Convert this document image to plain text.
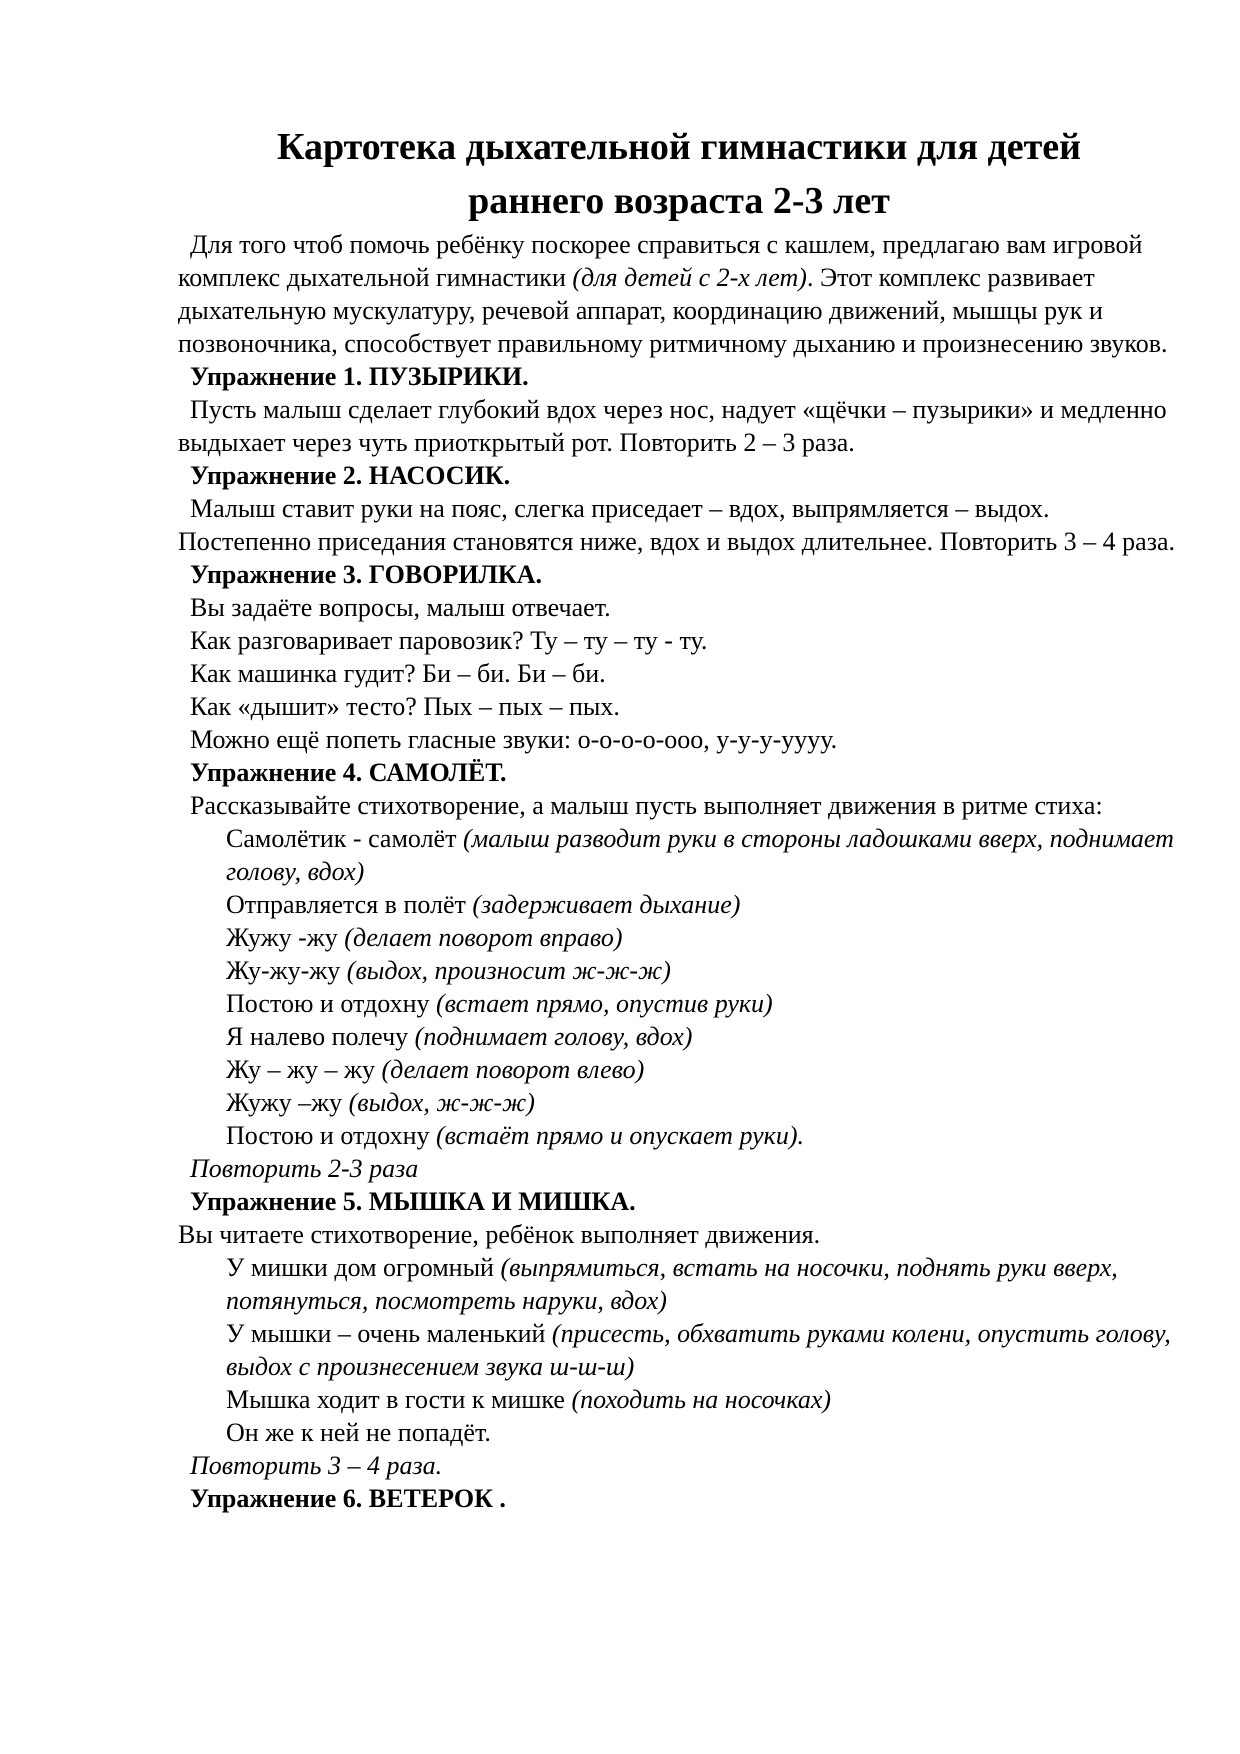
Картотека дыхательной гимнастики для детей
раннего возраста 2-3 лет

Для того чтоб помочь ребёнку поскорее справиться с кашлем, предлагаю вам игровой комплекс дыхательной гимнастики (для детей с 2-х лет). Этот комплекс развивает дыхательную мускулатуру, речевой аппарат, координацию движений, мышцы рук и позвоночника, способствует правильному ритмичному дыханию и произнесению звуков.

Упражнение 1. ПУЗЫРИКИ.

Пусть малыш сделает глубокий вдох через нос, надует «щёчки – пузырики» и медленно выдыхает через чуть приоткрытый рот. Повторить 2 – 3 раза.

Упражнение 2. НАСОСИК.

Малыш ставит руки на пояс, слегка приседает – вдох, выпрямляется – выдох. Постепенно приседания становятся ниже, вдох и выдох длительнее. Повторить 3 – 4 раза.

Упражнение 3. ГОВОРИЛКА.

Вы задаёте вопросы, малыш отвечает.

Как разговаривает паровозик? Ту – ту – ту - ту.

Как машинка гудит? Би – би. Би – би.

Как «дышит» тесто? Пых – пых – пых.

Можно ещё попеть гласные звуки: о-о-о-о-ооо, у-у-у-уууу.

Упражнение 4. САМОЛЁТ.

Рассказывайте стихотворение, а малыш пусть выполняет движения в ритме стиха:

Самолётик - самолёт (малыш разводит руки в стороны ладошками вверх, поднимает голову, вдох)

Отправляется в полёт (задерживает дыхание)

Жужу -жу (делает поворот вправо)

Жу-жу-жу (выдох, произносит ж-ж-ж)

Постою и отдохну (встает прямо, опустив руки)

Я налево полечу (поднимает голову, вдох)

Жу – жу – жу (делает поворот влево)

Жужу –жу (выдох, ж-ж-ж)

Постою и отдохну (встаёт прямо и опускает руки).

Повторить 2-3 раза

Упражнение 5. МЫШКА И МИШКА.

Вы читаете стихотворение, ребёнок выполняет движения.

У мишки дом огромный (выпрямиться, встать на носочки, поднять руки вверх, потянуться, посмотреть наруки, вдох)

У мышки – очень маленький (присесть, обхватить руками колени, опустить голову, выдох с произнесением звука ш-ш-ш)

Мышка ходит в гости к мишке (походить на носочках)

Он же к ней не попадёт.

Повторить 3 – 4 раза.

Упражнение 6. ВЕТЕРОК .
